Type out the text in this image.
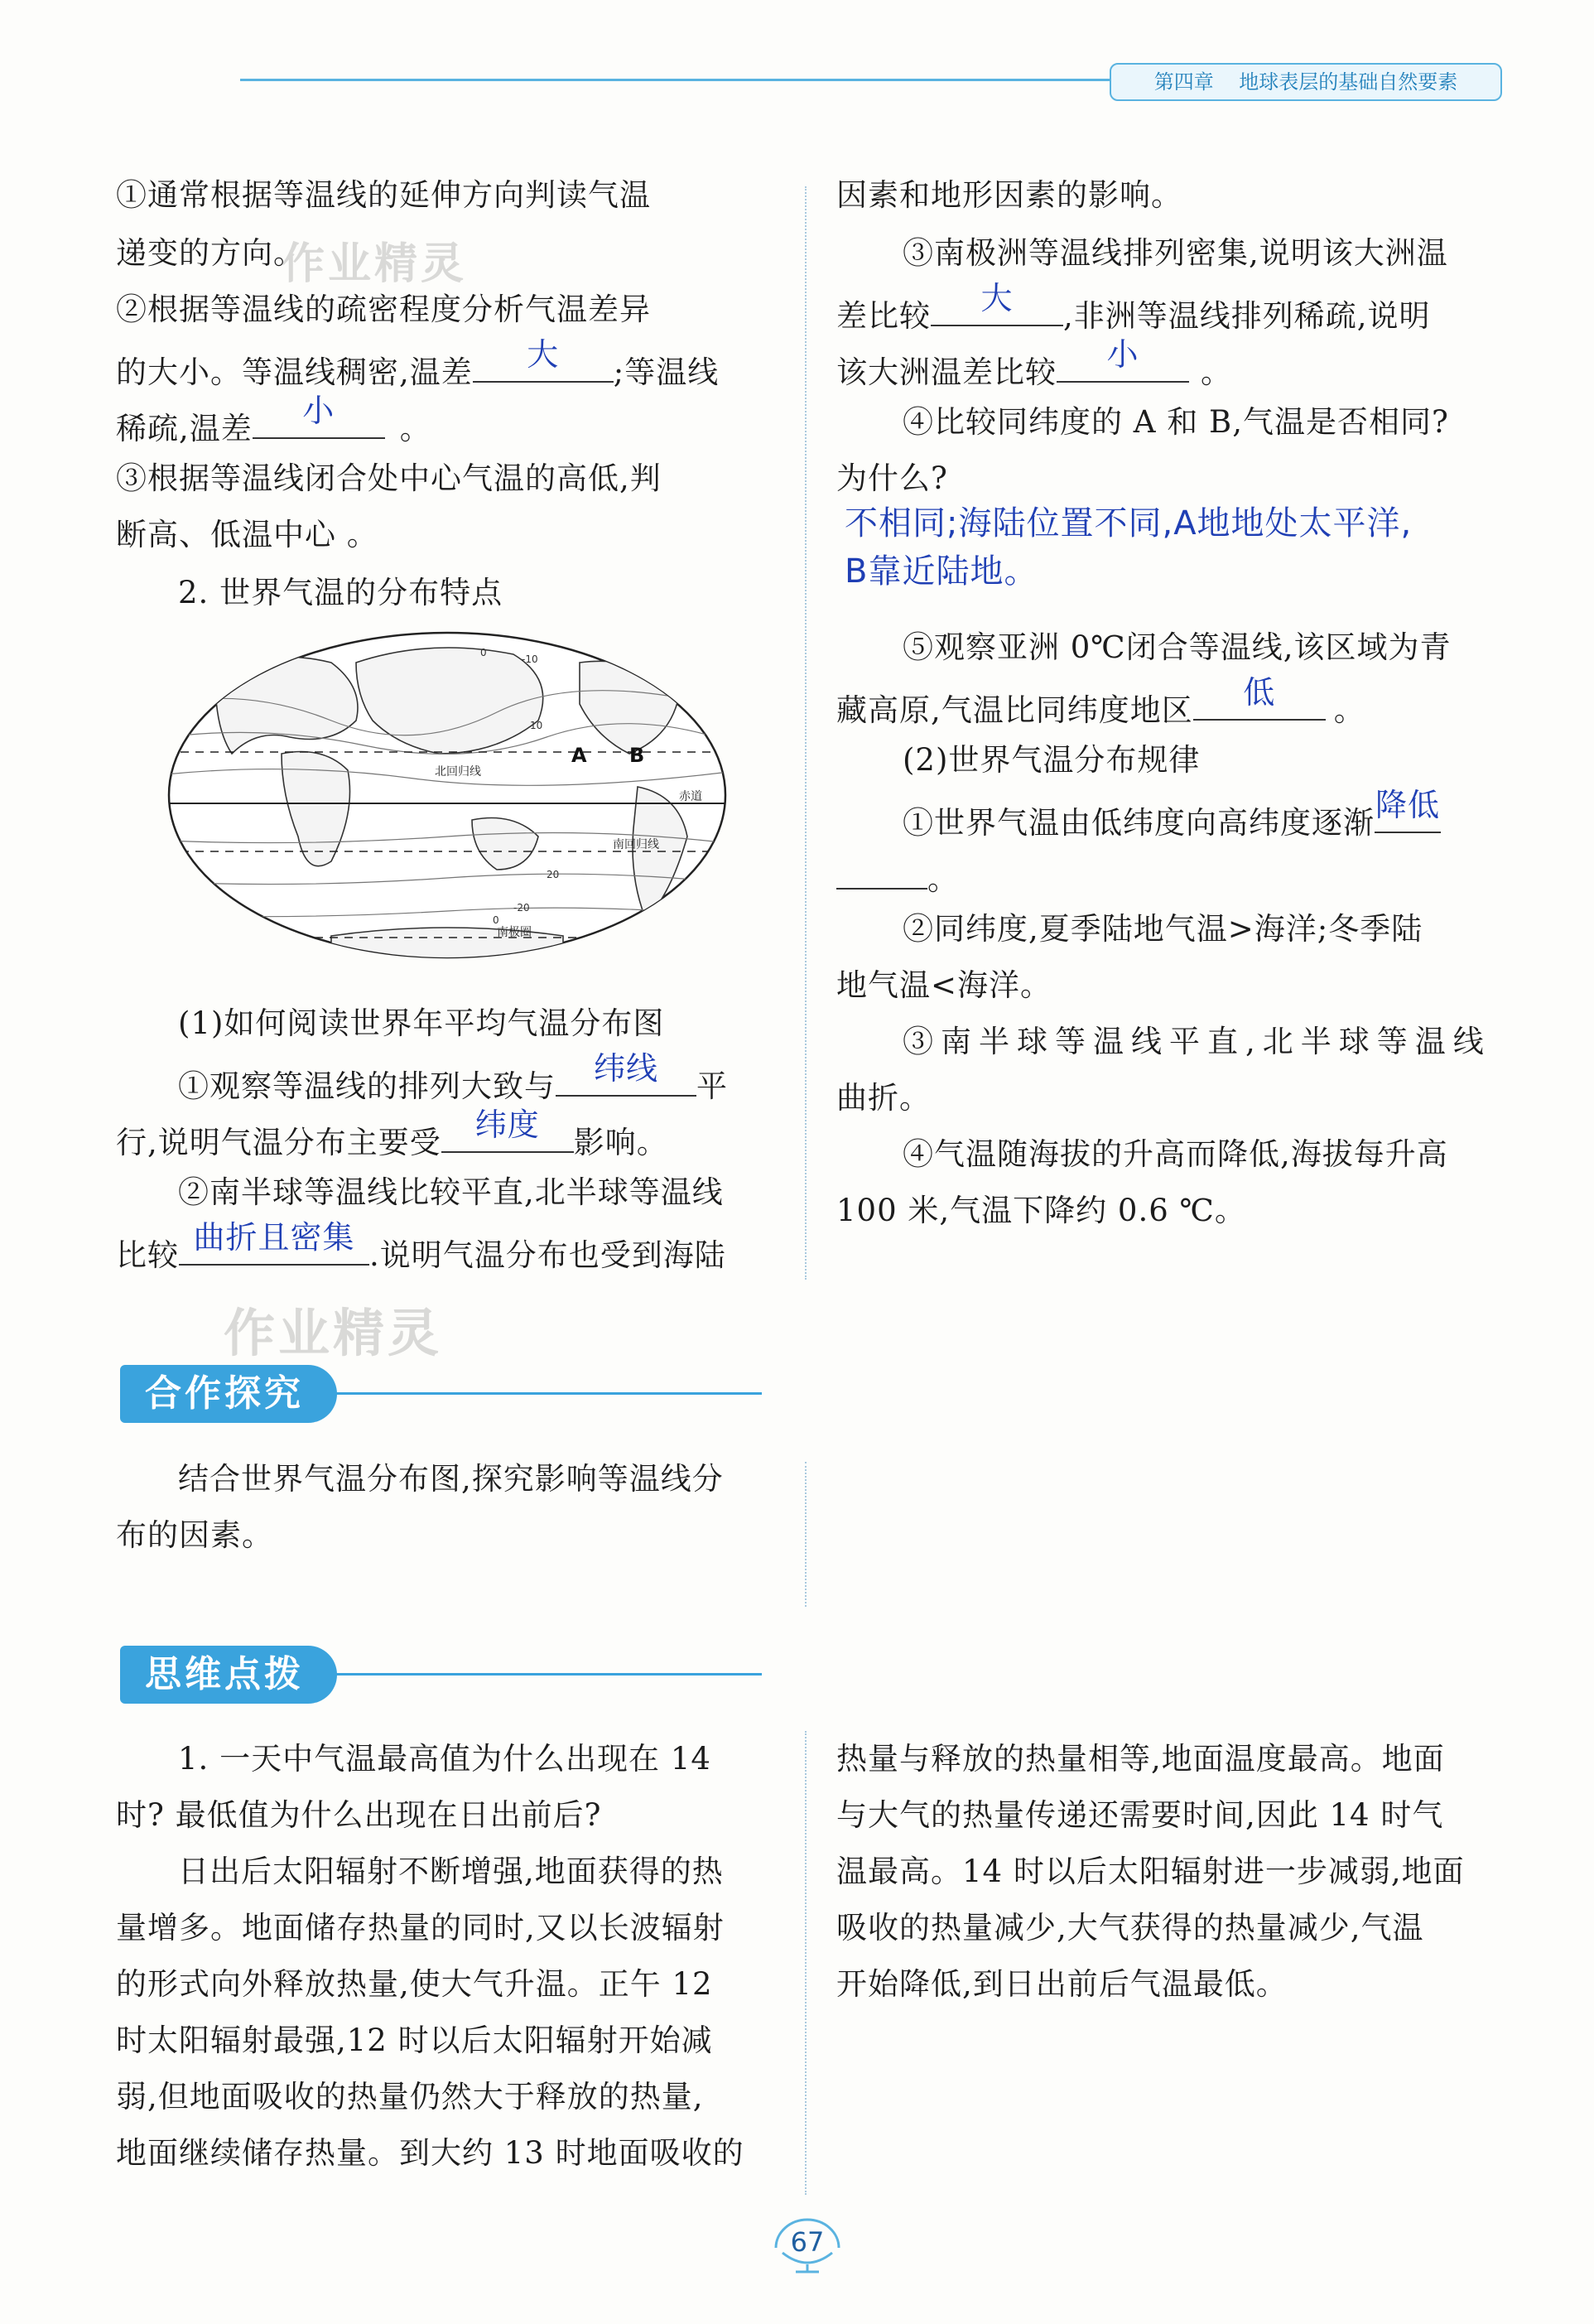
第四章 地球表层的基础自然要素
①通常根据等温线的延伸方向判读气温
递变的方向。
作业精灵
②根据等温线的疏密程度分析气温差异
的大小。等温线稠密,温差	大	;等温线
稀疏,温差	小	。
③根据等温线闭合处中心气温的高低,判
断高、低温中心 。
2. 世界气温的分布特点
北回归线
赤道
南回归线
南极圈
A B
-10
0
10
20
-20
0
(1)如何阅读世界年平均气温分布图
①观察等温线的排列大致与	纬线	平
行,说明气温分布主要受	纬度	影响。
②南半球等温线比较平直,北半球等温线
比较 曲折且密集 .说明气温分布也受到海陆
作业精灵
因素和地形因素的影响。
③南极洲等温线排列密集,说明该大洲温
差比较	大	,非洲等温线排列稀疏,说明
该大洲温差比较	小	。
④比较同纬度的 A 和 B,气温是否相同?
为什么?
不相同;海陆位置不同,A地地处太平洋,
B靠近陆地。
⑤观察亚洲 0℃闭合等温线,该区域为青
藏高原,气温比同纬度地区	低	。
(2)世界气温分布规律
①世界气温由低纬度向高纬度逐渐 降低
。
②同纬度,夏季陆地气温>海洋;冬季陆
地气温<海洋。
③南半球等温线平直,北半球等温线
曲折。
④气温随海拔的升高而降低,海拔每升高
100 米,气温下降约 0.6 ℃。
合作探究
结合世界气温分布图,探究影响等温线分
布的因素。
思维点拨
1. 一天中气温最高值为什么出现在 14
时? 最低值为什么出现在日出前后?
日出后太阳辐射不断增强,地面获得的热
量增多。地面储存热量的同时,又以长波辐射
的形式向外释放热量,使大气升温。正午 12
时太阳辐射最强,12 时以后太阳辐射开始减
弱,但地面吸收的热量仍然大于释放的热量,
地面继续储存热量。到大约 13 时地面吸收的
热量与释放的热量相等,地面温度最高。地面
与大气的热量传递还需要时间,因此 14 时气
温最高。14 时以后太阳辐射进一步减弱,地面
吸收的热量减少,大气获得的热量减少,气温
开始降低,到日出前后气温最低。
67
